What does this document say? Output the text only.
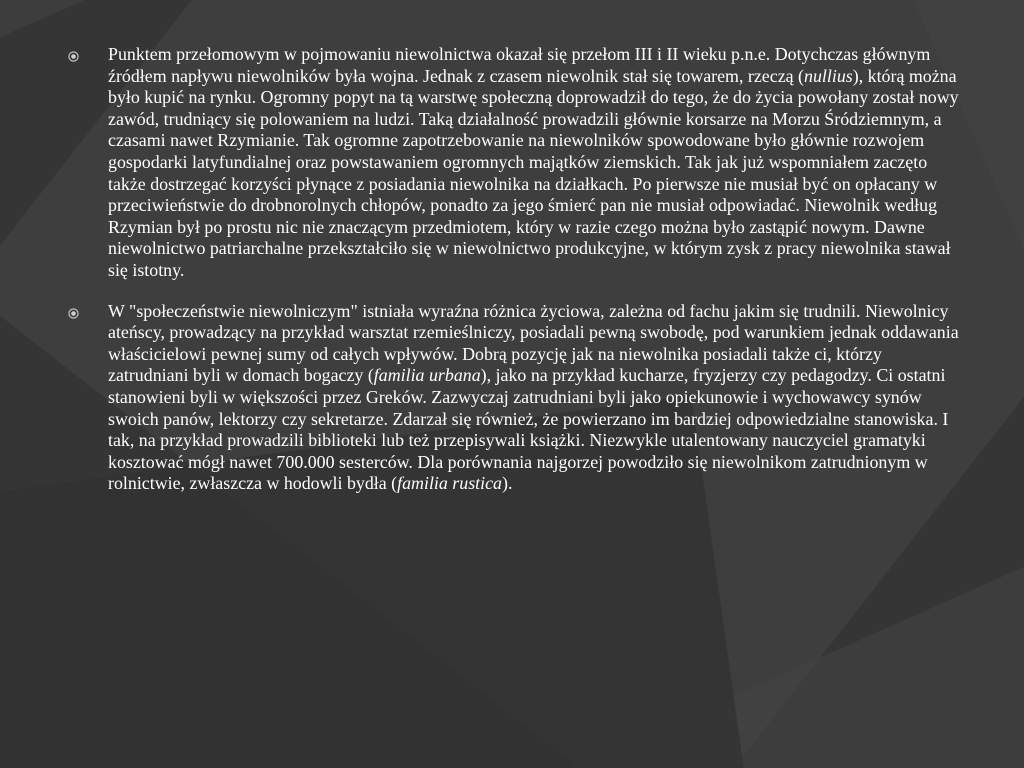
Punktem przełomowym w pojmowaniu niewolnictwa okazał się przełom III i II wieku p.n.e. Dotychczas głównym źródłem napływu niewolników była wojna. Jednak z czasem niewolnik stał się towarem, rzeczą (nullius), którą można było kupić na rynku. Ogromny popyt na tą warstwę społeczną doprowadził do tego, że do życia powołany został nowy zawód, trudniący się polowaniem na ludzi. Taką działalność prowadzili głównie korsarze na Morzu Śródziemnym, a czasami nawet Rzymianie. Tak ogromne zapotrzebowanie na niewolników spowodowane było głównie rozwojem gospodarki latyfundialnej oraz powstawaniem ogromnych majątków ziemskich. Tak jak już wspomniałem zaczęto także dostrzegać korzyści płynące z posiadania niewolnika na działkach. Po pierwsze nie musiał być on opłacany w przeciwieństwie do drobnorolnych chłopów, ponadto za jego śmierć pan nie musiał odpowiadać. Niewolnik według Rzymian był po prostu nic nie znaczącym przedmiotem, który w razie czego można było zastąpić nowym. Dawne niewolnictwo patriarchalne przekształciło się w niewolnictwo produkcyjne, w którym zysk z pracy niewolnika stawał się istotny.
W "społeczeństwie niewolniczym" istniała wyraźna różnica życiowa, zależna od fachu jakim się trudnili. Niewolnicy ateńscy, prowadzący na przykład warsztat rzemieślniczy, posiadali pewną swobodę, pod warunkiem jednak oddawania właścicielowi pewnej sumy od całych wpływów. Dobrą pozycję jak na niewolnika posiadali także ci, którzy zatrudniani byli w domach bogaczy (familia urbana), jako na przykład kucharze, fryzjerzy czy pedagodzy. Ci ostatni stanowieni byli w większości przez Greków. Zazwyczaj zatrudniani byli jako opiekunowie i wychowawcy synów swoich panów, lektorzy czy sekretarze. Zdarzał się również, że powierzano im bardziej odpowiedzialne stanowiska. I tak, na przykład prowadzili biblioteki lub też przepisywali książki. Niezwykle utalentowany nauczyciel gramatyki kosztować mógł nawet 700.000 sesterców. Dla porównania najgorzej powodziło się niewolnikom zatrudnionym w rolnictwie, zwłaszcza w hodowli bydła (familia rustica).
